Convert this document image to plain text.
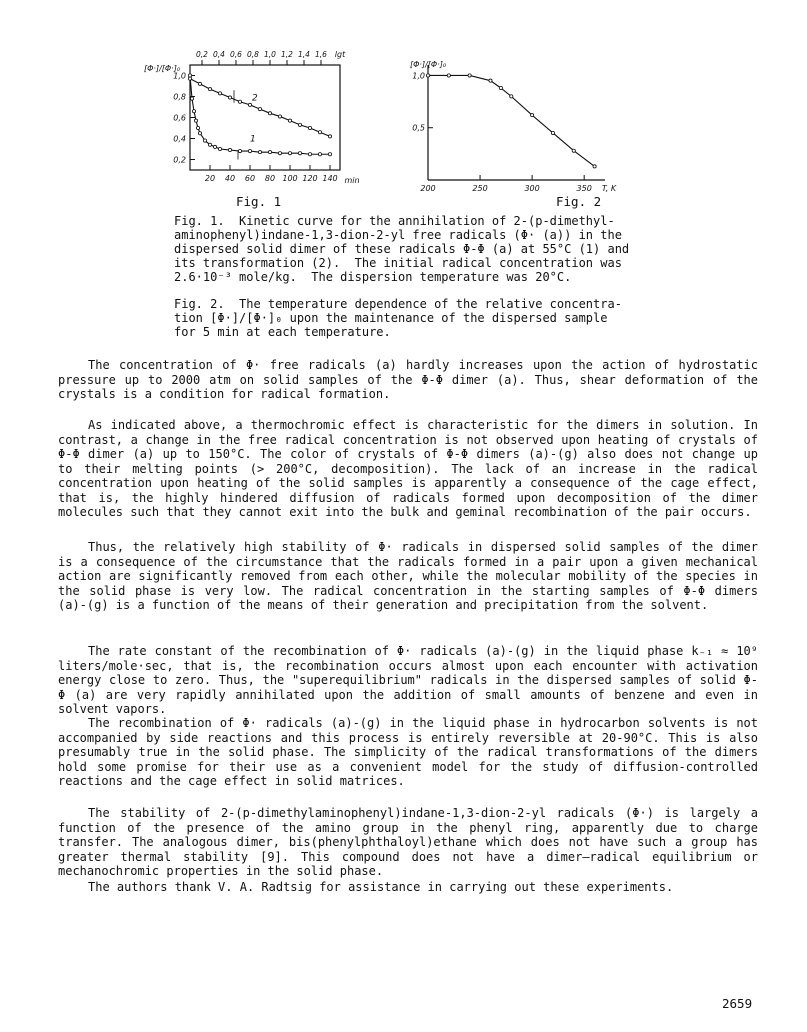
1,0
0,8
0,6
0,4
0,2
20 40 60 80 100 120 140 min
0,2 0,4 0,6 0,8 1,0 1,2 1,4 1,6 lgt
[Φ·]/[Φ·]₀
1
2
Fig. 1
1,0
0,5
200	250	300	350 T, K
[Φ·]/[Φ·]₀
Fig. 2
Fig. 1.  Kinetic curve for the annihilation of 2-(p-dimethyl-
aminophenyl)indane-1,3-dion-2-yl free radicals (Φ· (a)) in the
dispersed solid dimer of these radicals Φ-Φ (a) at 55°C (1) and
its transformation (2).  The initial radical concentration was
2.6·10⁻³ mole/kg.  The dispersion temperature was 20°C.
Fig. 2.  The temperature dependence of the relative concentra-
tion [Φ·]/[Φ·]₀ upon the maintenance of the dispersed sample
for 5 min at each temperature.
The concentration of Φ· free radicals (a) hardly increases upon the action of hydrostatic pressure up to 2000 atm on solid samples of the Φ-Φ dimer (a). Thus, shear deformation of the crystals is a condition for radical formation.
As indicated above, a thermochromic effect is characteristic for the dimers in solution. In contrast, a change in the free radical concentration is not observed upon heating of crystals of Φ-Φ dimer (a) up to 150°C. The color of crystals of Φ-Φ dimers (a)-(g) also does not change up to their melting points (> 200°C, decomposition). The lack of an increase in the radical concentration upon heating of the solid samples is apparently a consequence of the cage effect, that is, the highly hindered diffusion of radicals formed upon decomposition of the dimer molecules such that they cannot exit into the bulk and geminal recombination of the pair occurs.
Thus, the relatively high stability of Φ· radicals in dispersed solid samples of the dimer is a consequence of the circumstance that the radicals formed in a pair upon a given mechanical action are significantly removed from each other, while the molecular mobility of the species in the solid phase is very low. The radical concentration in the starting samples of Φ-Φ dimers (a)-(g) is a function of the means of their generation and precipitation from the solvent.
The rate constant of the recombination of Φ· radicals (a)-(g) in the liquid phase k₋₁ ≈ 10⁹ liters/mole·sec, that is, the recombination occurs almost upon each encounter with activation energy close to zero. Thus, the "superequilibrium" radicals in the dispersed samples of solid Φ-Φ (a) are very rapidly annihilated upon the addition of small amounts of benzene and even in solvent vapors.
The recombination of Φ· radicals (a)-(g) in the liquid phase in hydrocarbon solvents is not accompanied by side reactions and this process is entirely reversible at 20-90°C. This is also presumably true in the solid phase. The simplicity of the radical transformations of the dimers hold some promise for their use as a convenient model for the study of diffusion-controlled reactions and the cage effect in solid matrices.
The stability of 2-(p-dimethylaminophenyl)indane-1,3-dion-2-yl radicals (Φ·) is largely a function of the presence of the amino group in the phenyl ring, apparently due to charge transfer. The analogous dimer, bis(phenylphthaloyl)ethane which does not have such a group has greater thermal stability [9]. This compound does not have a dimer—radical equilibrium or mechanochromic properties in the solid phase.
The authors thank V. A. Radtsig for assistance in carrying out these experiments.
2659
